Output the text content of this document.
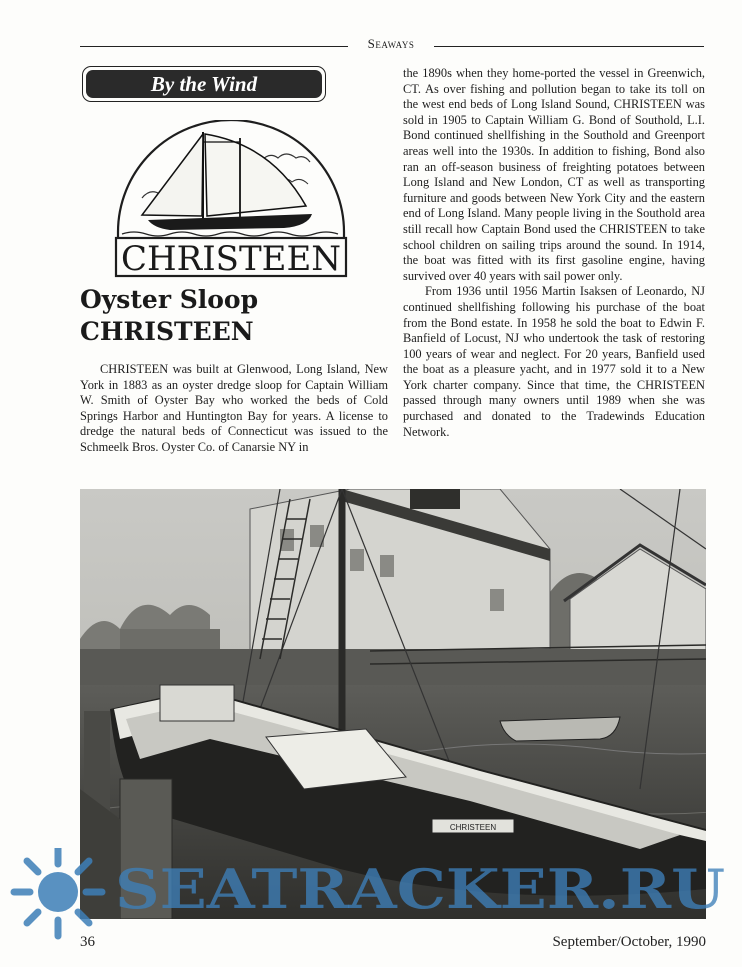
Seaways
By the Wind
CHRISTEEN
Oyster Sloop
CHRISTEEN

CHRISTEEN was built at Glenwood, Long Island, New York in 1883 as an oyster dredge sloop for Captain William W. Smith of Oyster Bay who worked the beds of Cold Springs Harbor and Huntington Bay for years. A license to dredge the natural beds of Connecticut was issued to the Schmeelk Bros. Oyster Co. of Canarsie NY in

the 1890s when they home-ported the vessel in Greenwich, CT. As over fishing and pollution began to take its toll on the west end beds of Long Island Sound, CHRISTEEN was sold in 1905 to Captain William G. Bond of Southold, L.I. Bond continued shellfishing in the Southold and Greenport areas well into the 1930s. In addition to fishing, Bond also ran an off-season business of freighting potatoes between Long Island and New London, CT as well as transporting furniture and goods between New York City and the eastern end of Long Island. Many people living in the Southold area still recall how Captain Bond used the CHRISTEEN to take school children on sailing trips around the sound. In 1914, the boat was fitted with its first gasoline engine, having survived over 40 years with sail power only.

From 1936 until 1956 Martin Isaksen of Leonardo, NJ continued shellfishing following his purchase of the boat from the Bond estate. In 1958 he sold the boat to Edwin F. Banfield of Locust, NJ who undertook the task of restoring 100 years of wear and neglect. For 20 years, Banfield used the boat as a pleasure yacht, and in 1977 sold it to a New York charter company. Since that time, the CHRISTEEN passed through many owners until 1989 when she was purchased and donated to the Tradewinds Education Network.

CHRISTEEN
SEATRACKER.RU
36	September/October, 1990
